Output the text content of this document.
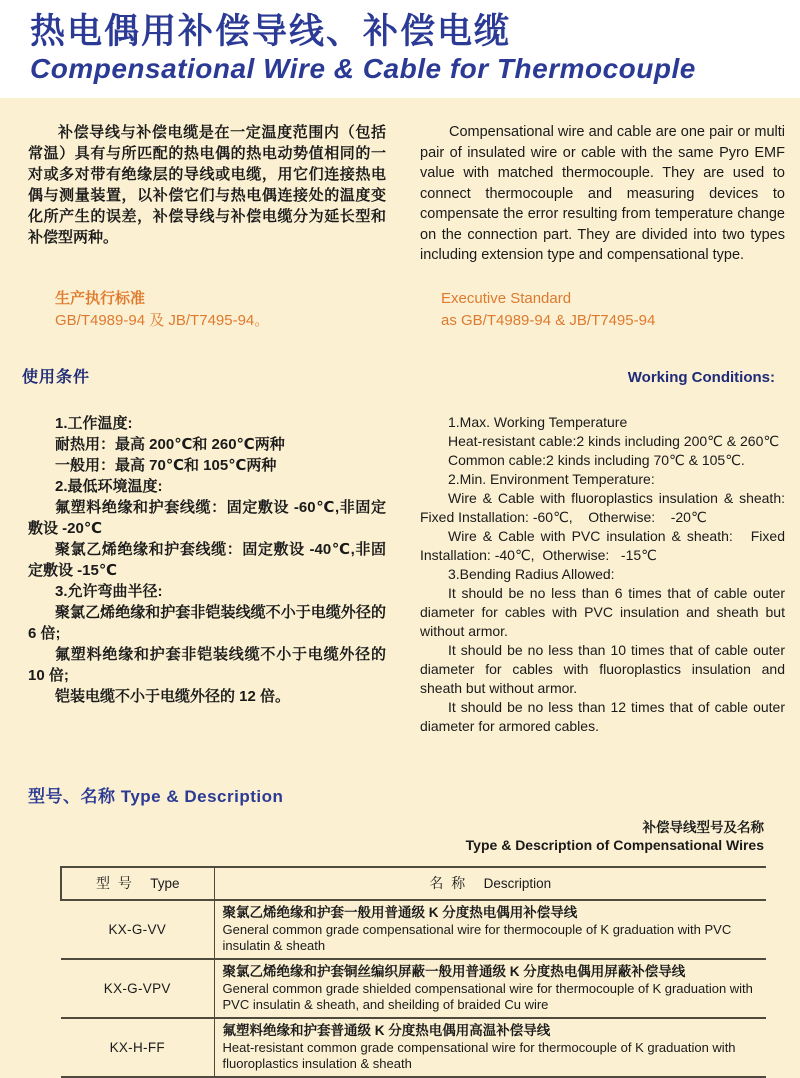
热电偶用补偿导线、补偿电缆
Compensational Wire & Cable for Thermocouple

补偿导线与补偿电缆是在一定温度范围内（包括常温）具有与所匹配的热电偶的热电动势值相同的一对或多对带有绝缘层的导线或电缆，用它们连接热电偶与测量装置，以补偿它们与热电偶连接处的温度变化所产生的误差，补偿导线与补偿电缆分为延长型和补偿型两种。

Compensational wire and cable are one pair or multi pair of insulated wire or cable with the same Pyro EMF value with matched thermocouple. They are used to connect thermocouple and measuring devices to compensate the error resulting from temperature change on the connection part. They are divided into two types including extension type and compensational type.

生产执行标准

GB/T4989-94 及 JB/T7495-94。

Executive Standard

as GB/T4989-94 & JB/T7495-94

使用条件	Working Conditions:

1.工作温度:

耐热用：最高 200℃和 260℃两种

一般用：最高 70℃和 105℃两种

2.最低环境温度:

氟塑料绝缘和护套线缆：固定敷设 -60℃,非固定敷设 -20℃

聚氯乙烯绝缘和护套线缆：固定敷设 -40℃,非固定敷设 -15℃

3.允许弯曲半径:

聚氯乙烯绝缘和护套非铠装线缆不小于电缆外径的 6 倍;

氟塑料绝缘和护套非铠装线缆不小于电缆外径的 10 倍;

铠装电缆不小于电缆外径的 12 倍。

1.Max. Working Temperature

Heat-resistant cable:2 kinds including 200℃ & 260℃

Common cable:2 kinds including 70℃ & 105℃.

2.Min. Environment Temperature:

Wire & Cable with fluoroplastics insulation & sheath: Fixed Installation: -60℃,    Otherwise:    -20℃

Wire & Cable with PVC insulation & sheath:   Fixed Installation: -40℃,  Otherwise:   -15℃

3.Bending Radius Allowed:

It should be no less than 6 times that of cable outer diameter for cables with PVC insulation and sheath but without armor.

It should be no less than 10 times that of cable outer diameter for cables with fluoroplastics insulation and sheath but without armor.

It should be no less than 12 times that of cable outer diameter for armored cables.

型号、名称 Type & Description
补偿导线型号及名称
Type & Description of Compensational Wires
型 号 Type	名 称 Description
KX-G-VV	聚氯乙烯绝缘和护套一般用普通级 K 分度热电偶用补偿导线
General common grade compensational wire for thermocouple of K graduation with PVC insulatin & sheath

KX-G-VPV	聚氯乙烯绝缘和护套铜丝编织屏蔽一般用普通级 K 分度热电偶用屏蔽补偿导线
General common grade shielded compensational wire for thermocouple of K graduation with PVC insulatin & sheath, and sheilding of braided Cu wire

KX-H-FF	氟塑料绝缘和护套普通级 K 分度热电偶用高温补偿导线
Heat-resistant common grade compensational wire for thermocouple of K graduation with fluoroplastics insulation & sheath
